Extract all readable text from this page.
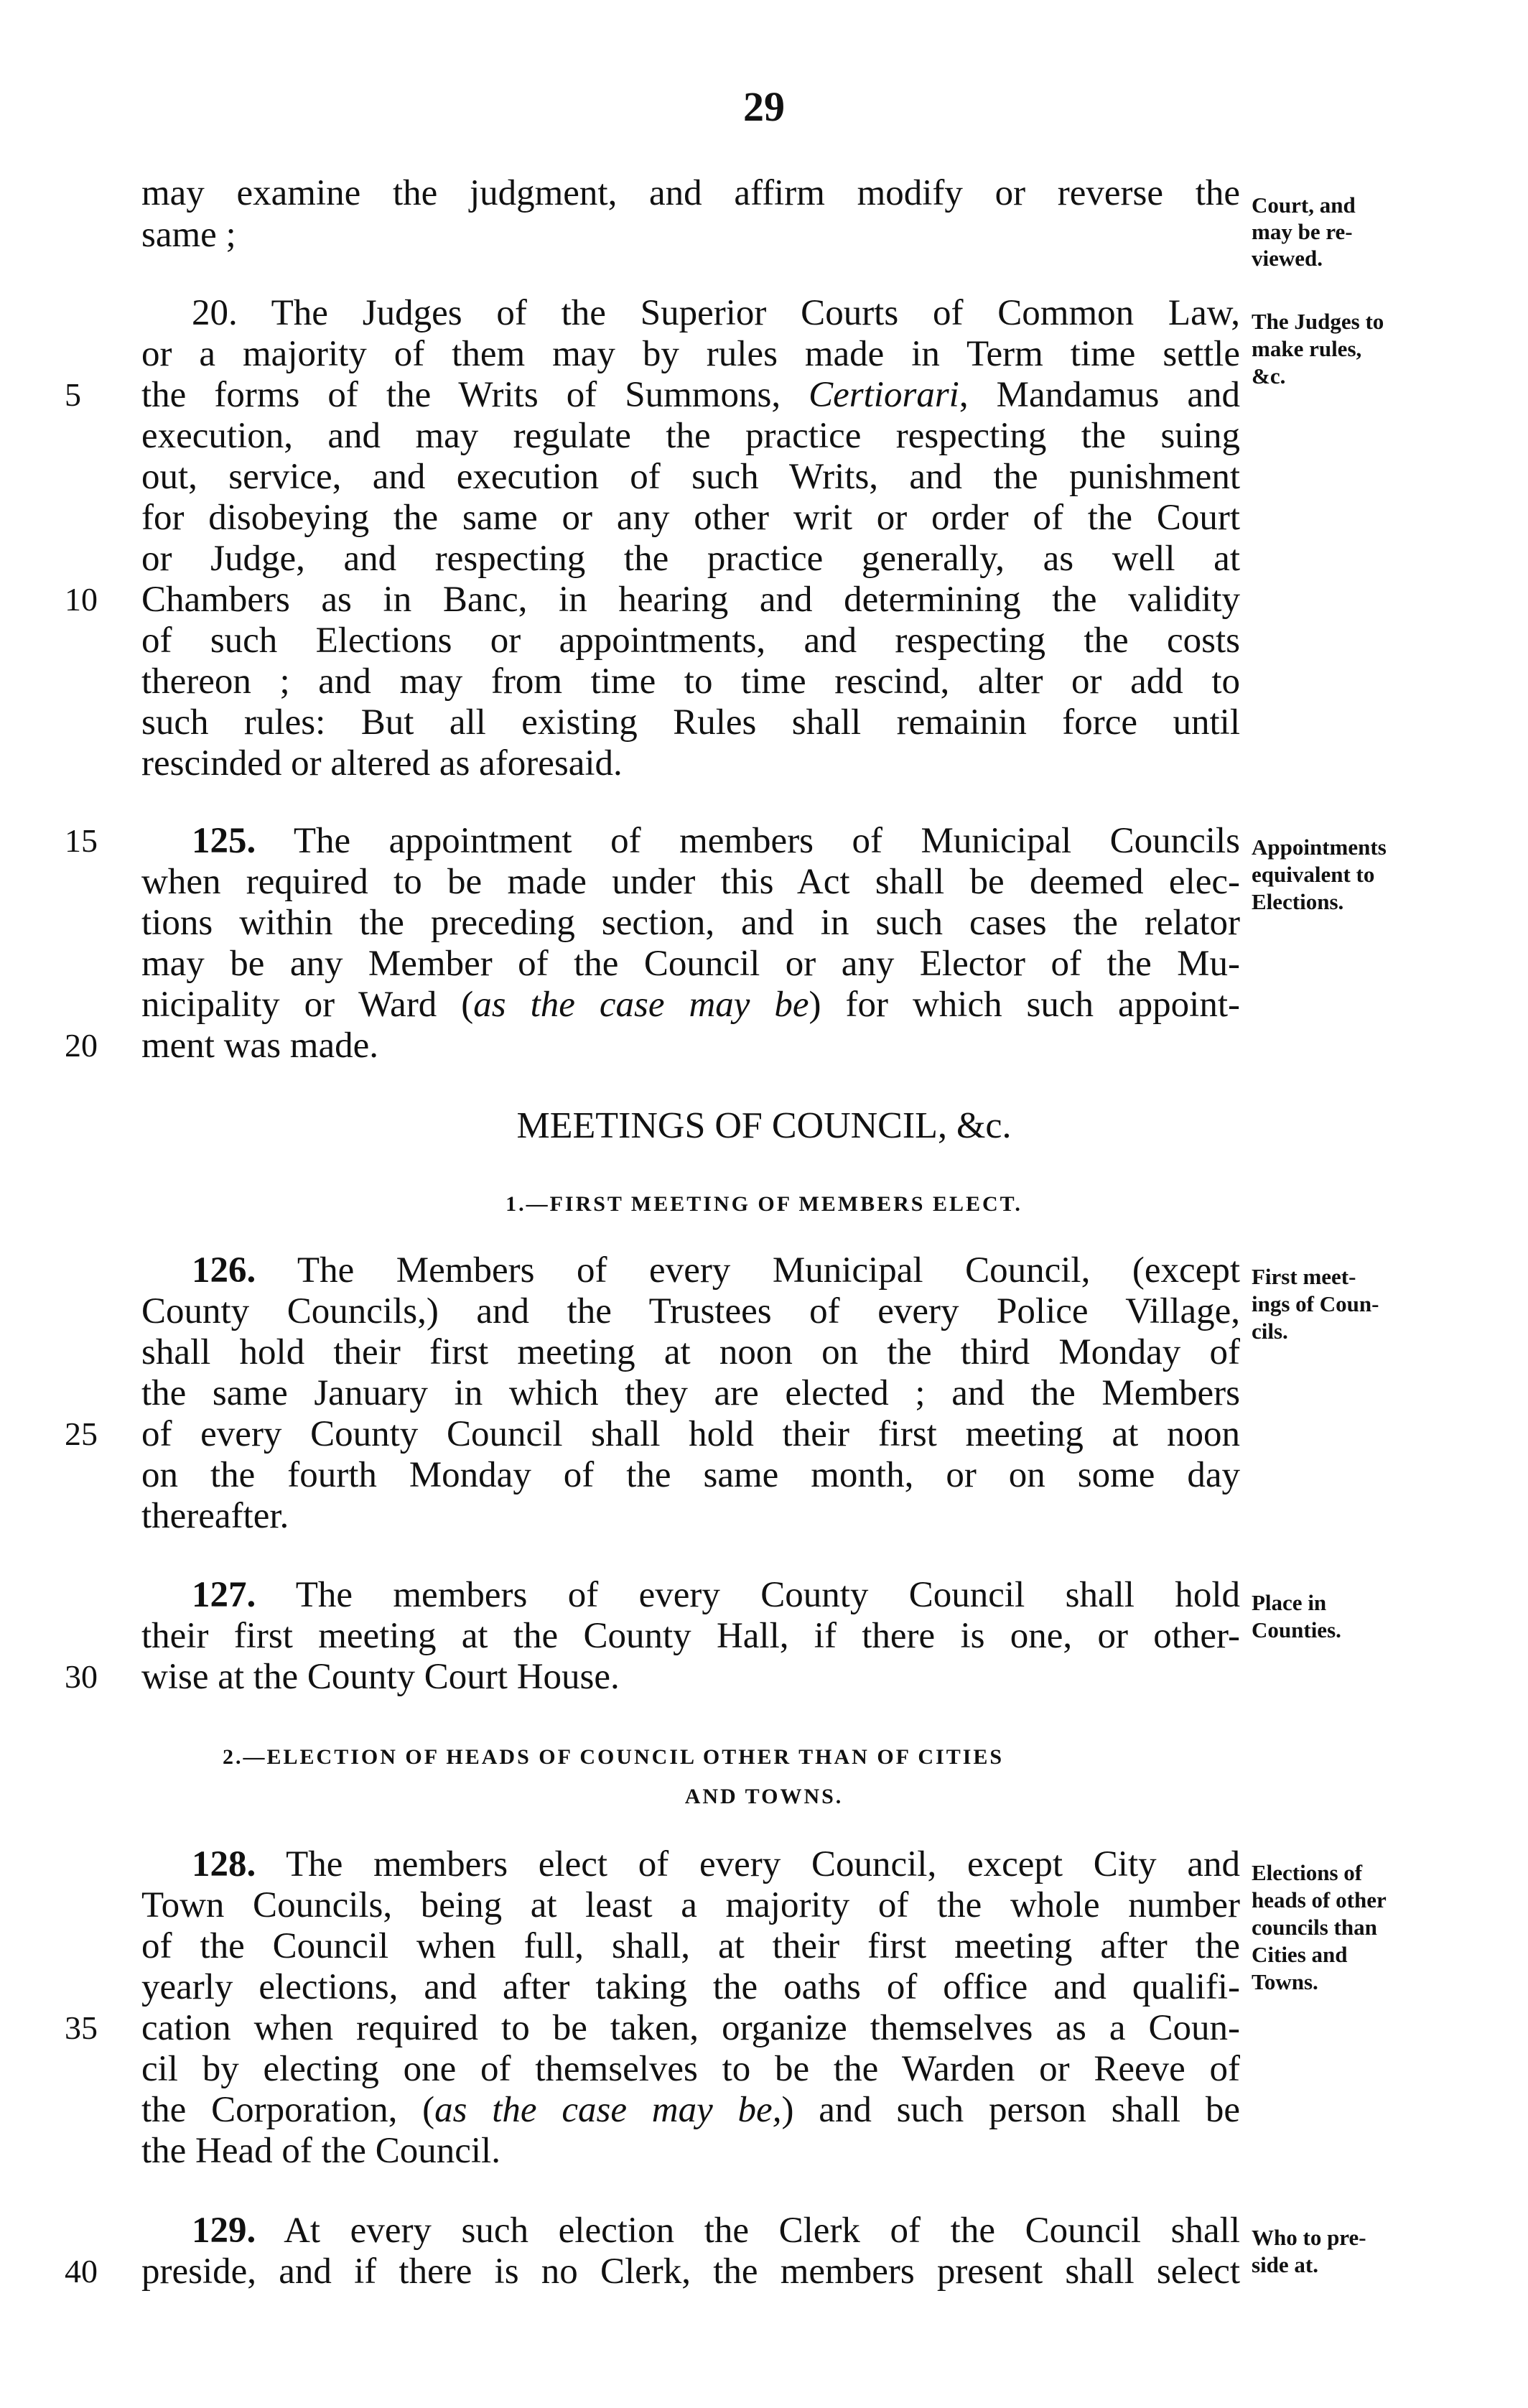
29
may examine the judgment, and affirm modify or reverse the
same ;
Court, and
may be re-
viewed.
20. The Judges of the Superior Courts of Common Law,
or a majority of them may by rules made in Term time settle
the forms of the Writs of Summons, Certiorari, Mandamus and
execution, and may regulate the practice respecting the suing
out, service, and execution of such Writs, and the punishment
for disobeying the same or any other writ or order of the Court
or Judge, and respecting the practice generally, as well at
Chambers as in Banc, in hearing and determining the validity
of such Elections or appointments, and respecting the costs
thereon ; and may from time to time rescind, alter or add to
such rules: But all existing Rules shall remainin force until
rescinded or altered as aforesaid.
The Judges to
make rules,
&c.
125. The appointment of members of Municipal Councils
when required to be made under this Act shall be deemed elec-
tions within the preceding section, and in such cases the relator
may be any Member of the Council or any Elector of the Mu-
nicipality or Ward (as the case may be) for which such appoint-
ment was made.
Appointments
equivalent to
Elections.
MEETINGS OF COUNCIL, &c.
1.—FIRST MEETING OF MEMBERS ELECT.
126. The Members of every Municipal Council, (except
County Councils,) and the Trustees of every Police Village,
shall hold their first meeting at noon on the third Monday of
the same January in which they are elected ; and the Members
of every County Council shall hold their first meeting at noon
on the fourth Monday of the same month, or on some day
thereafter.
First meet-
ings of Coun-
cils.
127. The members of every County Council shall hold
their first meeting at the County Hall, if there is one, or other-
wise at the County Court House.
Place in
Counties.
2.—ELECTION OF HEADS OF COUNCIL OTHER THAN OF CITIES
AND TOWNS.
128. The members elect of every Council, except City and
Town Councils, being at least a majority of the whole number
of the Council when full, shall, at their first meeting after the
yearly elections, and after taking the oaths of office and qualifi-
cation when required to be taken, organize themselves as a Coun-
cil by electing one of themselves to be the Warden or Reeve of
the Corporation, (as the case may be,) and such person shall be
the Head of the Council.
Elections of
heads of other
councils than
Cities and
Towns.
129. At every such election the Clerk of the Council shall
preside, and if there is no Clerk, the members present shall select
Who to pre-
side at.
5
10
15
20
25
30
35
40
